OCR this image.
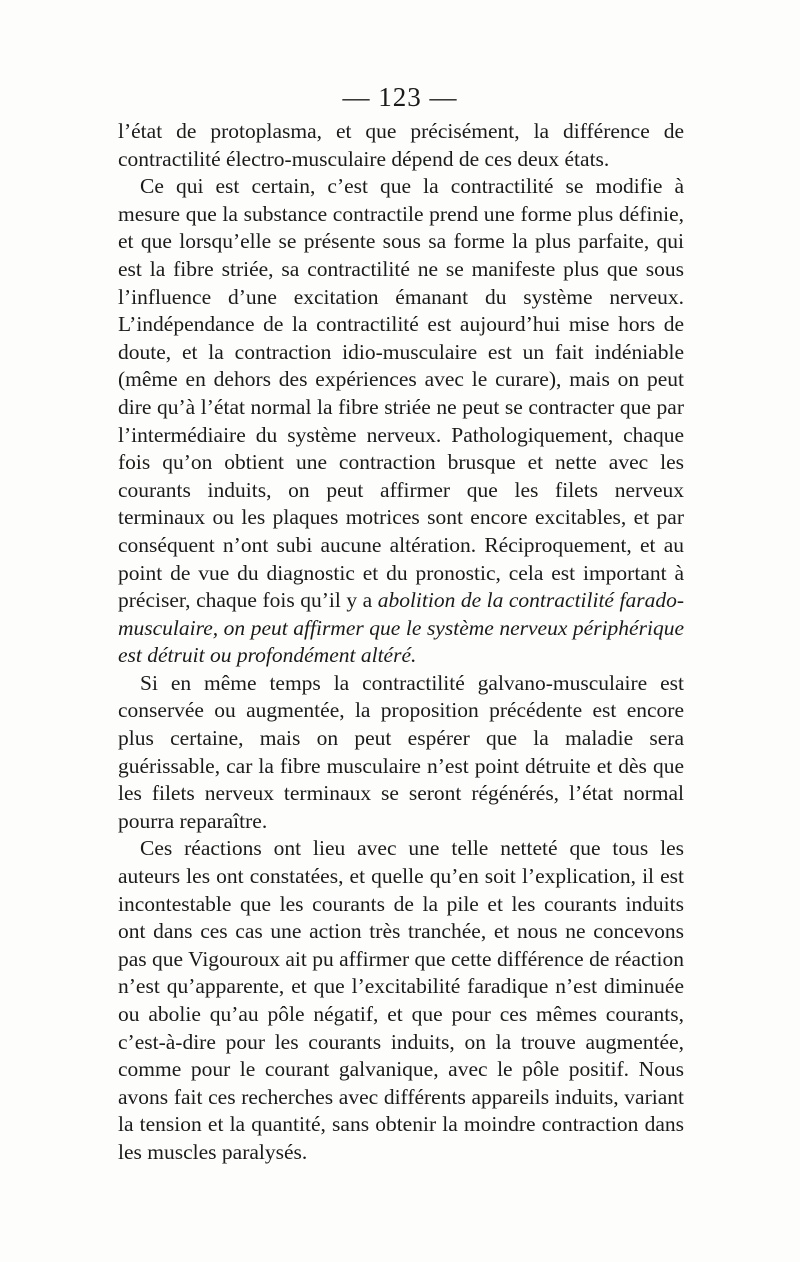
— 123 —

l’état de protoplasma, et que précisément, la différence de contractilité électro-musculaire dépend de ces deux états.

Ce qui est certain, c’est que la contractilité se modifie à mesure que la substance contractile prend une forme plus définie, et que lorsqu’elle se présente sous sa forme la plus parfaite, qui est la fibre striée, sa contractilité ne se manifeste plus que sous l’influence d’une excitation émanant du système nerveux. L’indépendance de la contractilité est aujourd’hui mise hors de doute, et la contraction idio-musculaire est un fait indéniable (même en dehors des expériences avec le curare), mais on peut dire qu’à l’état normal la fibre striée ne peut se contracter que par l’intermédiaire du système nerveux. Pathologiquement, chaque fois qu’on obtient une contraction brusque et nette avec les courants induits, on peut affirmer que les filets nerveux terminaux ou les plaques motrices sont encore excitables, et par conséquent n’ont subi aucune altération. Réciproquement, et au point de vue du diagnostic et du pronostic, cela est important à préciser, chaque fois qu’il y a abolition de la contractilité farado-musculaire, on peut affirmer que le système nerveux périphérique est détruit ou profondément altéré.

Si en même temps la contractilité galvano-musculaire est conservée ou augmentée, la proposition précédente est encore plus certaine, mais on peut espérer que la maladie sera guérissable, car la fibre musculaire n’est point détruite et dès que les filets nerveux terminaux se seront régénérés, l’état normal pourra reparaître.

Ces réactions ont lieu avec une telle netteté que tous les auteurs les ont constatées, et quelle qu’en soit l’explication, il est incontestable que les courants de la pile et les courants induits ont dans ces cas une action très tranchée, et nous ne concevons pas que Vigouroux ait pu affirmer que cette différence de réaction n’est qu’apparente, et que l’excitabilité faradique n’est diminuée ou abolie qu’au pôle négatif, et que pour ces mêmes courants, c’est-à-dire pour les courants induits, on la trouve augmentée, comme pour le courant galvanique, avec le pôle positif. Nous avons fait ces recherches avec différents appareils induits, variant la tension et la quantité, sans obtenir la moindre contraction dans les muscles paralysés.
